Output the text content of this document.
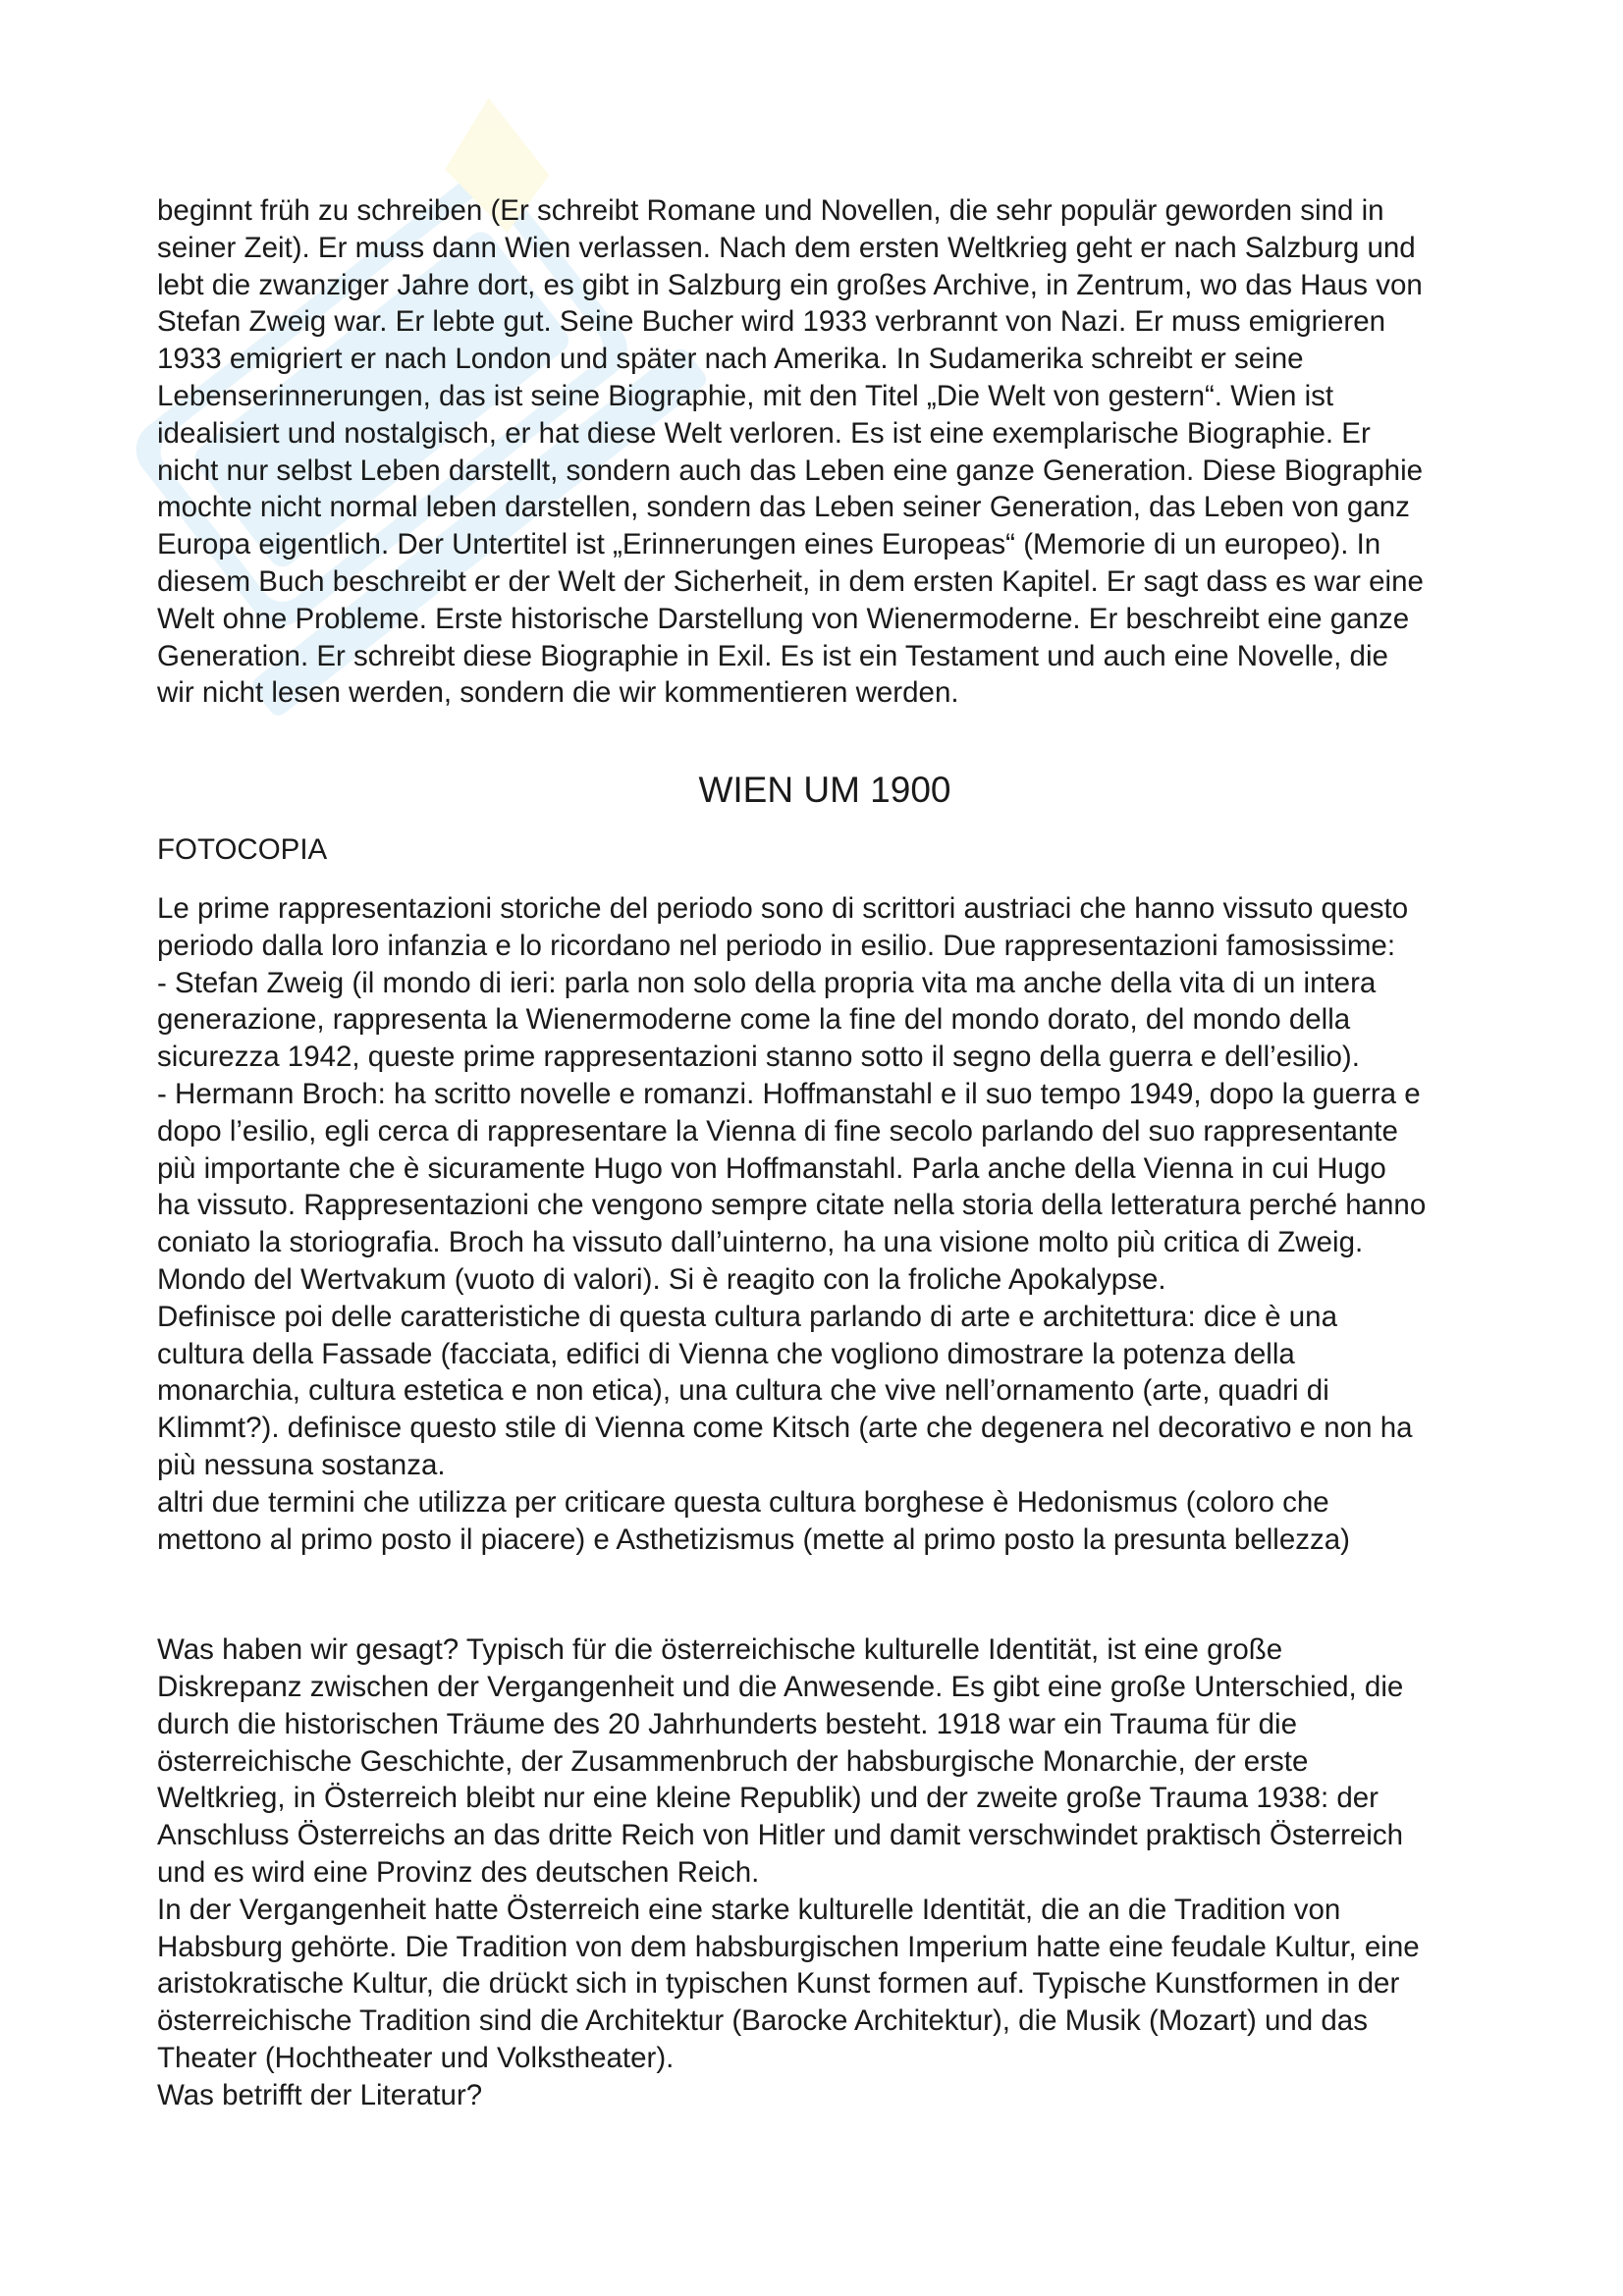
beginnt früh zu schreiben (Er schreibt Romane und Novellen, die sehr populär geworden sind in
seiner Zeit). Er muss dann Wien verlassen. Nach dem ersten Weltkrieg geht er nach Salzburg und
lebt die zwanziger Jahre dort, es gibt in Salzburg ein großes Archive, in Zentrum, wo das Haus von
Stefan Zweig war. Er lebte gut. Seine Bucher wird 1933 verbrannt von Nazi. Er muss emigrieren
1933 emigriert er nach London und später nach Amerika. In Sudamerika schreibt er seine
Lebenserinnerungen, das ist seine Biographie, mit den Titel „Die Welt von gestern“. Wien ist
idealisiert und nostalgisch, er hat diese Welt verloren. Es ist eine exemplarische Biographie. Er
nicht nur selbst Leben darstellt, sondern auch das Leben eine ganze Generation. Diese Biographie
mochte nicht normal leben darstellen, sondern das Leben seiner Generation, das Leben von ganz
Europa eigentlich. Der Untertitel ist „Erinnerungen eines Europeas“ (Memorie di un europeo). In
diesem Buch beschreibt er der Welt der Sicherheit, in dem ersten Kapitel. Er sagt dass es war eine
Welt ohne Probleme. Erste historische Darstellung von Wienermoderne. Er beschreibt eine ganze
Generation. Er schreibt diese Biographie in Exil. Es ist ein Testament und auch eine Novelle, die
wir nicht lesen werden, sondern die wir kommentieren werden.

WIEN UM 1900

FOTOCOPIA

Le prime rappresentazioni storiche del periodo sono di scrittori austriaci che hanno vissuto questo
periodo dalla loro infanzia e lo ricordano nel periodo in esilio. Due rappresentazioni famosissime:
- Stefan Zweig (il mondo di ieri: parla non solo della propria vita ma anche della vita di un intera
generazione, rappresenta la Wienermoderne come la fine del mondo dorato, del mondo della
sicurezza 1942, queste prime rappresentazioni stanno sotto il segno della guerra e dell’esilio).
- Hermann Broch: ha scritto novelle e romanzi. Hoffmanstahl e il suo tempo 1949, dopo la guerra e
dopo l’esilio, egli cerca di rappresentare la Vienna di fine secolo parlando del suo rappresentante
più importante che è sicuramente Hugo von Hoffmanstahl. Parla anche della Vienna in cui Hugo
ha vissuto. Rappresentazioni che vengono sempre citate nella storia della letteratura perché hanno
coniato la storiografia. Broch ha vissuto dall’uinterno, ha una visione molto più critica di Zweig.
Mondo del Wertvakum (vuoto di valori). Si è reagito con la froliche Apokalypse.
Definisce poi delle caratteristiche di questa cultura parlando di arte e architettura: dice è una
cultura della Fassade (facciata, edifici di Vienna che vogliono dimostrare la potenza della
monarchia, cultura estetica e non etica), una cultura che vive nell’ornamento (arte, quadri di
Klimmt?). definisce questo stile di Vienna come Kitsch (arte che degenera nel decorativo e non ha
più nessuna sostanza.
altri due termini che utilizza per criticare questa cultura borghese è Hedonismus (coloro che
mettono al primo posto il piacere) e Asthetizismus (mette al primo posto la presunta bellezza)

Was haben wir gesagt? Typisch für die österreichische kulturelle Identität, ist eine große
Diskrepanz zwischen der Vergangenheit und die Anwesende. Es gibt eine große Unterschied, die
durch die historischen Träume des 20 Jahrhunderts besteht. 1918 war ein Trauma für die
österreichische Geschichte, der Zusammenbruch der habsburgische Monarchie, der erste
Weltkrieg, in Österreich bleibt nur eine kleine Republik) und der zweite große Trauma 1938: der
Anschluss Österreichs an das dritte Reich von Hitler und damit verschwindet praktisch Österreich
und es wird eine Provinz des deutschen Reich.
In der Vergangenheit hatte Österreich eine starke kulturelle Identität, die an die Tradition von
Habsburg gehörte. Die Tradition von dem habsburgischen Imperium hatte eine feudale Kultur, eine
aristokratische Kultur, die drückt sich in typischen Kunst formen auf. Typische Kunstformen in der
österreichische Tradition sind die Architektur (Barocke Architektur), die Musik (Mozart) und das
Theater (Hochtheater und Volkstheater).
Was betrifft der Literatur?
